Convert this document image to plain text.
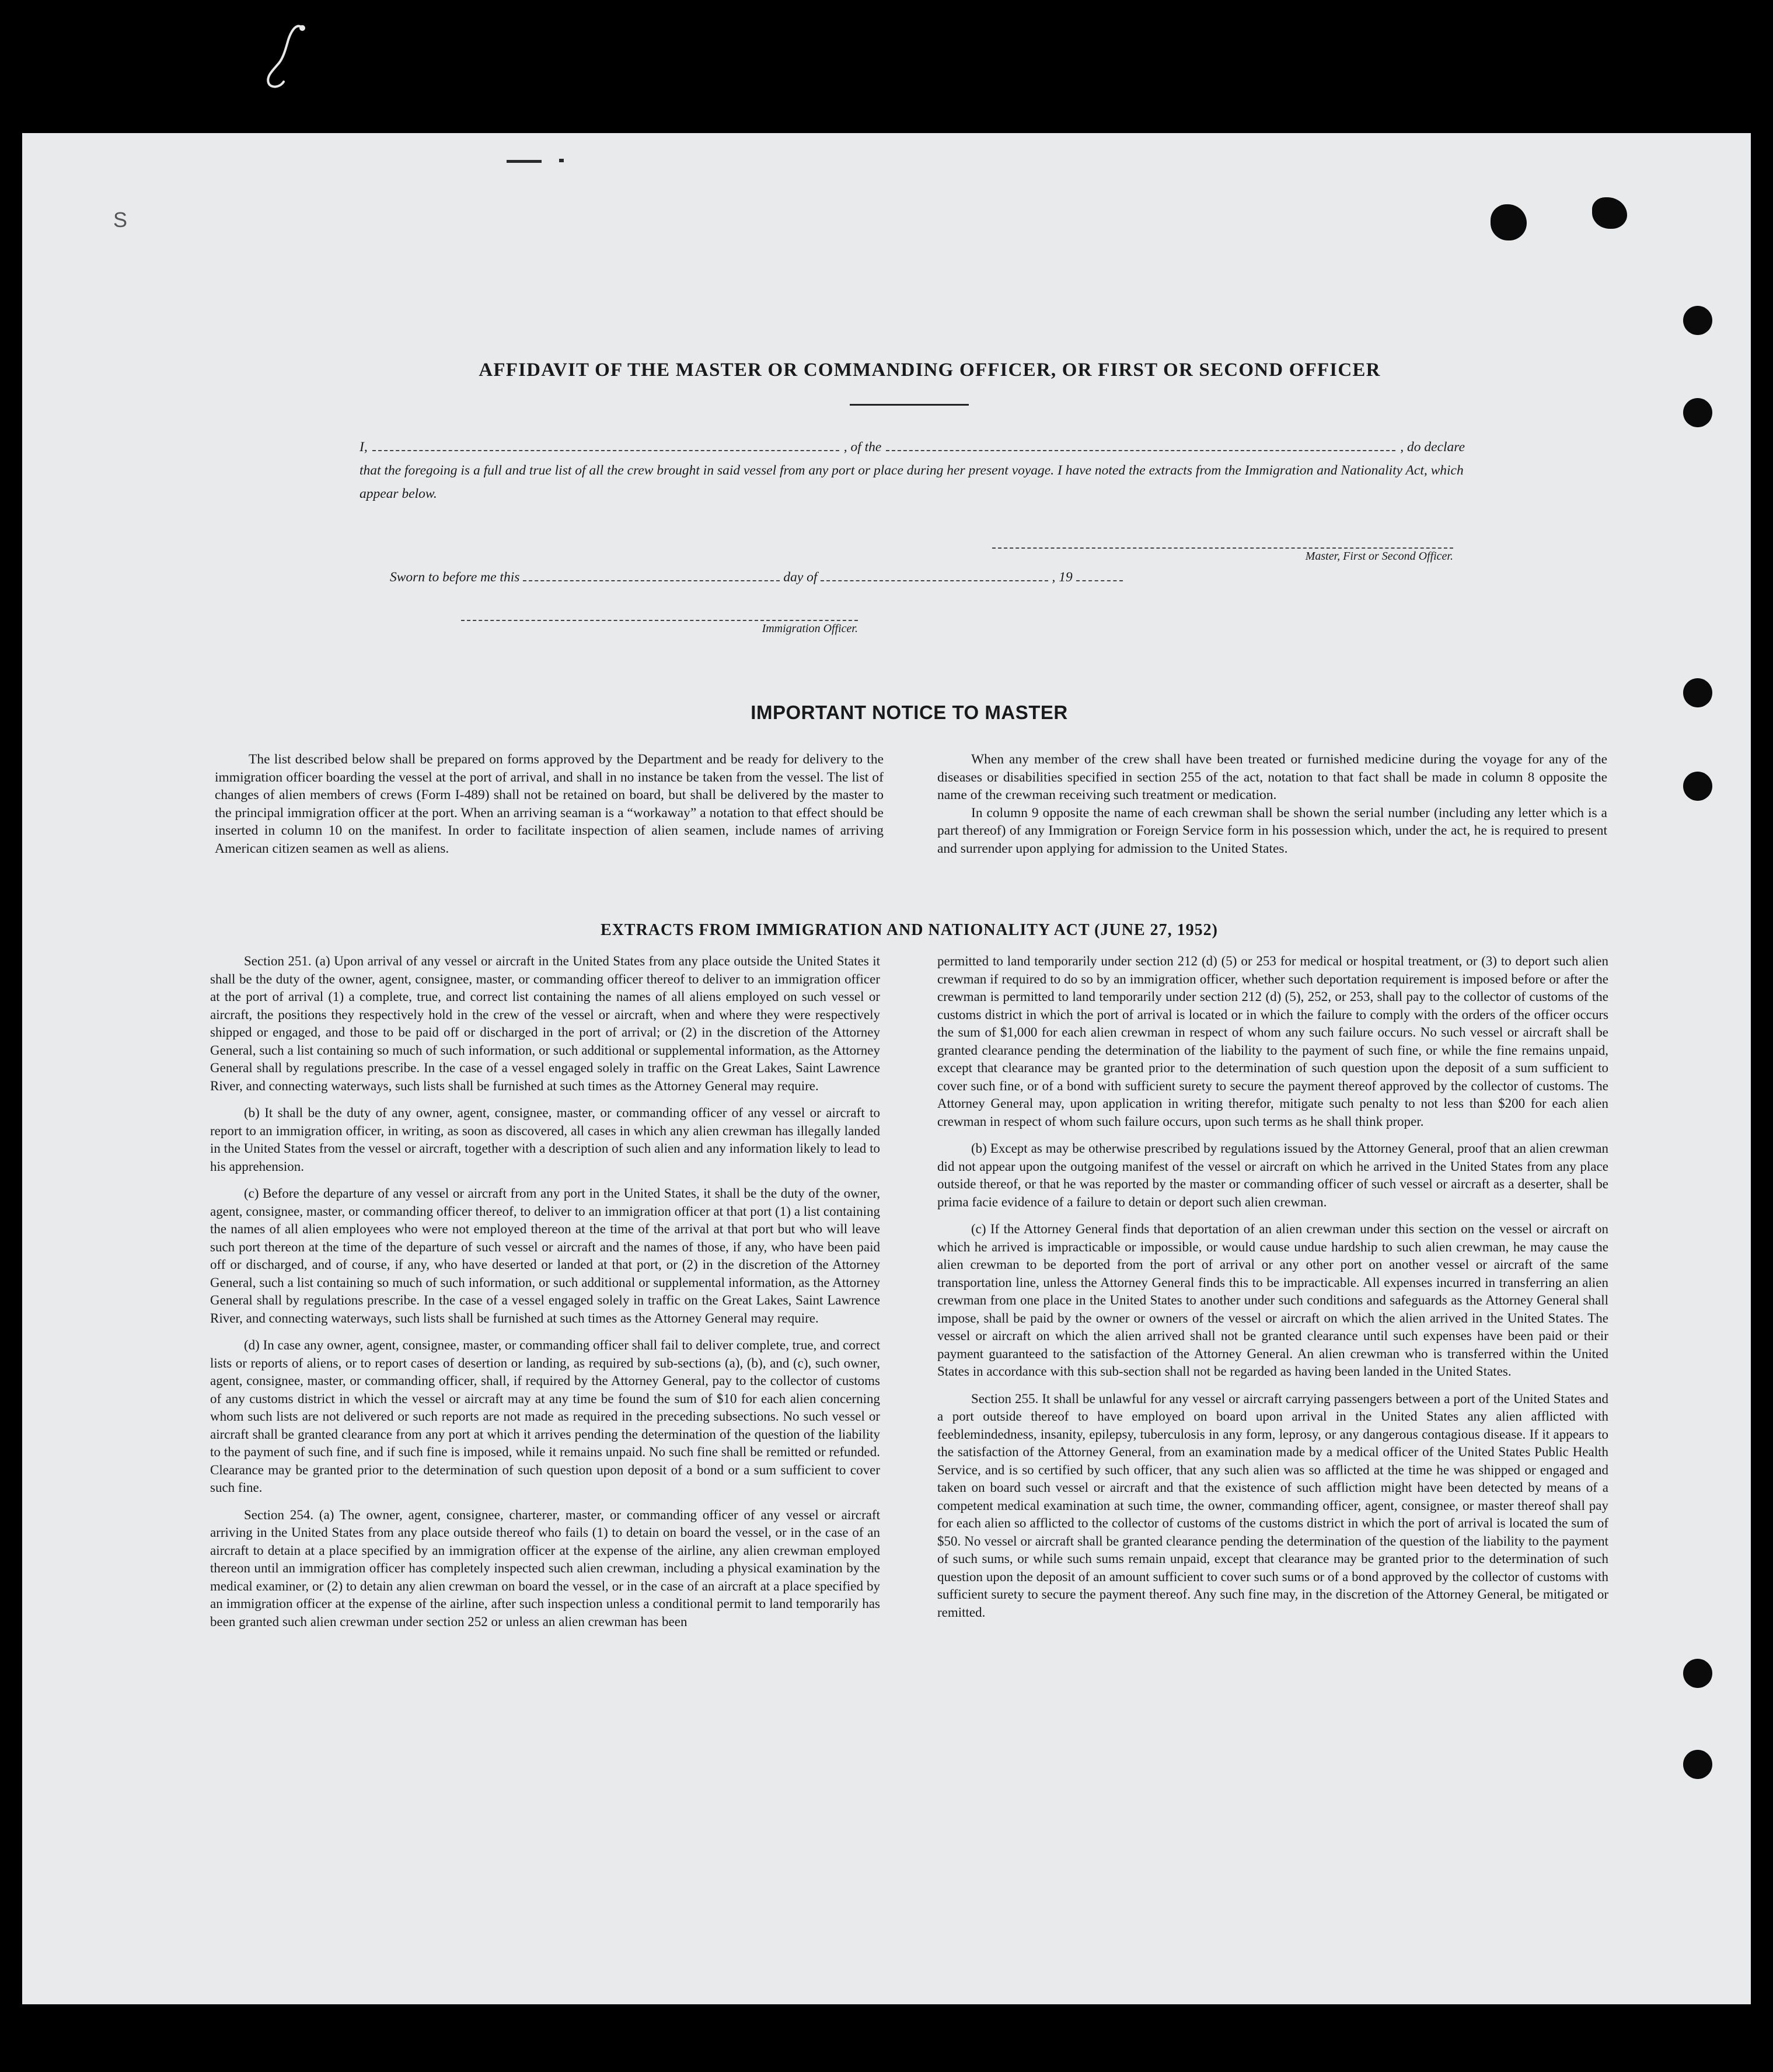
S
AFFIDAVIT OF THE MASTER OR COMMANDING OFFICER, OR FIRST OR SECOND OFFICER
I,	, of the	, do declare
that the foregoing is a full and true list of all the crew brought in said vessel from any port or place during her present voyage. I have noted the extracts from the Immigration and Nationality Act, which appear below.
Master, First or Second Officer.
Sworn to before me this	day of	, 19
Immigration Officer.
IMPORTANT NOTICE TO MASTER

The list described below shall be prepared on forms approved by the Department and be ready for delivery to the immigration officer boarding the vessel at the port of arrival, and shall in no instance be taken from the vessel. The list of changes of alien members of crews (Form I-489) shall not be retained on board, but shall be delivered by the master to the principal immigration officer at the port. When an arriving seaman is a “workaway” a notation to that effect should be inserted in column 10 on the manifest. In order to facilitate inspection of alien seamen, include names of arriving American citizen seamen as well as aliens.

When any member of the crew shall have been treated or furnished medicine during the voyage for any of the diseases or disabilities specified in section 255 of the act, notation to that fact shall be made in column 8 opposite the name of the crewman receiving such treatment or medication.

In column 9 opposite the name of each crewman shall be shown the serial number (including any letter which is a part thereof) of any Immigration or Foreign Service form in his possession which, under the act, he is required to present and surrender upon applying for admission to the United States.

EXTRACTS FROM IMMIGRATION AND NATIONALITY ACT (JUNE 27, 1952)

Section 251. (a) Upon arrival of any vessel or aircraft in the United States from any place outside the United States it shall be the duty of the owner, agent, consignee, master, or commanding officer thereof to deliver to an immigration officer at the port of arrival (1) a complete, true, and correct list containing the names of all aliens employed on such vessel or aircraft, the positions they respectively hold in the crew of the vessel or aircraft, when and where they were respectively shipped or engaged, and those to be paid off or discharged in the port of arrival; or (2) in the discretion of the Attorney General, such a list containing so much of such information, or such additional or supplemental information, as the Attorney General shall by regulations prescribe. In the case of a vessel engaged solely in traffic on the Great Lakes, Saint Lawrence River, and connecting waterways, such lists shall be furnished at such times as the Attorney General may require.

(b) It shall be the duty of any owner, agent, consignee, master, or commanding officer of any vessel or aircraft to report to an immigration officer, in writing, as soon as discovered, all cases in which any alien crewman has illegally landed in the United States from the vessel or aircraft, together with a description of such alien and any information likely to lead to his apprehension.

(c) Before the departure of any vessel or aircraft from any port in the United States, it shall be the duty of the owner, agent, consignee, master, or commanding officer thereof, to deliver to an immigration officer at that port (1) a list containing the names of all alien employees who were not employed thereon at the time of the arrival at that port but who will leave such port thereon at the time of the departure of such vessel or aircraft and the names of those, if any, who have been paid off or discharged, and of course, if any, who have deserted or landed at that port, or (2) in the discretion of the Attorney General, such a list containing so much of such information, or such additional or supplemental information, as the Attorney General shall by regulations prescribe. In the case of a vessel engaged solely in traffic on the Great Lakes, Saint Lawrence River, and connecting waterways, such lists shall be furnished at such times as the Attorney General may require.

(d) In case any owner, agent, consignee, master, or commanding officer shall fail to deliver complete, true, and correct lists or reports of aliens, or to report cases of desertion or landing, as required by sub-sections (a), (b), and (c), such owner, agent, consignee, master, or commanding officer, shall, if required by the Attorney General, pay to the collector of customs of any customs district in which the vessel or aircraft may at any time be found the sum of $10 for each alien concerning whom such lists are not delivered or such reports are not made as required in the preceding subsections. No such vessel or aircraft shall be granted clearance from any port at which it arrives pending the determination of the question of the liability to the payment of such fine, and if such fine is imposed, while it remains unpaid. No such fine shall be remitted or refunded. Clearance may be granted prior to the determination of such question upon deposit of a bond or a sum sufficient to cover such fine.

Section 254. (a) The owner, agent, consignee, charterer, master, or commanding officer of any vessel or aircraft arriving in the United States from any place outside thereof who fails (1) to detain on board the vessel, or in the case of an aircraft to detain at a place specified by an immigration officer at the expense of the airline, any alien crewman employed thereon until an immigration officer has completely inspected such alien crewman, including a physical examination by the medical examiner, or (2) to detain any alien crewman on board the vessel, or in the case of an aircraft at a place specified by an immigration officer at the expense of the airline, after such inspection unless a conditional permit to land temporarily has been granted such alien crewman under section 252 or unless an alien crewman has been

permitted to land temporarily under section 212 (d) (5) or 253 for medical or hospital treatment, or (3) to deport such alien crewman if required to do so by an immigration officer, whether such deportation requirement is imposed before or after the crewman is permitted to land temporarily under section 212 (d) (5), 252, or 253, shall pay to the collector of customs of the customs district in which the port of arrival is located or in which the failure to comply with the orders of the officer occurs the sum of $1,000 for each alien crewman in respect of whom any such failure occurs. No such vessel or aircraft shall be granted clearance pending the determination of the liability to the payment of such fine, or while the fine remains unpaid, except that clearance may be granted prior to the determination of such question upon the deposit of a sum sufficient to cover such fine, or of a bond with sufficient surety to secure the payment thereof approved by the collector of customs. The Attorney General may, upon application in writing therefor, mitigate such penalty to not less than $200 for each alien crewman in respect of whom such failure occurs, upon such terms as he shall think proper.

(b) Except as may be otherwise prescribed by regulations issued by the Attorney General, proof that an alien crewman did not appear upon the outgoing manifest of the vessel or aircraft on which he arrived in the United States from any place outside thereof, or that he was reported by the master or commanding officer of such vessel or aircraft as a deserter, shall be prima facie evidence of a failure to detain or deport such alien crewman.

(c) If the Attorney General finds that deportation of an alien crewman under this section on the vessel or aircraft on which he arrived is impracticable or impossible, or would cause undue hardship to such alien crewman, he may cause the alien crewman to be deported from the port of arrival or any other port on another vessel or aircraft of the same transportation line, unless the Attorney General finds this to be impracticable. All expenses incurred in transferring an alien crewman from one place in the United States to another under such conditions and safeguards as the Attorney General shall impose, shall be paid by the owner or owners of the vessel or aircraft on which the alien arrived in the United States. The vessel or aircraft on which the alien arrived shall not be granted clearance until such expenses have been paid or their payment guaranteed to the satisfaction of the Attorney General. An alien crewman who is transferred within the United States in accordance with this sub-section shall not be regarded as having been landed in the United States.

Section 255. It shall be unlawful for any vessel or aircraft carrying passengers between a port of the United States and a port outside thereof to have employed on board upon arrival in the United States any alien afflicted with feeblemindedness, insanity, epilepsy, tuberculosis in any form, leprosy, or any dangerous contagious disease. If it appears to the satisfaction of the Attorney General, from an examination made by a medical officer of the United States Public Health Service, and is so certified by such officer, that any such alien was so afflicted at the time he was shipped or engaged and taken on board such vessel or aircraft and that the existence of such affliction might have been detected by means of a competent medical examination at such time, the owner, commanding officer, agent, consignee, or master thereof shall pay for each alien so afflicted to the collector of customs of the customs district in which the port of arrival is located the sum of $50. No vessel or aircraft shall be granted clearance pending the determination of the question of the liability to the payment of such sums, or while such sums remain unpaid, except that clearance may be granted prior to the determination of such question upon the deposit of an amount sufficient to cover such sums or of a bond approved by the collector of customs with sufficient surety to secure the payment thereof. Any such fine may, in the discretion of the Attorney General, be mitigated or remitted.
